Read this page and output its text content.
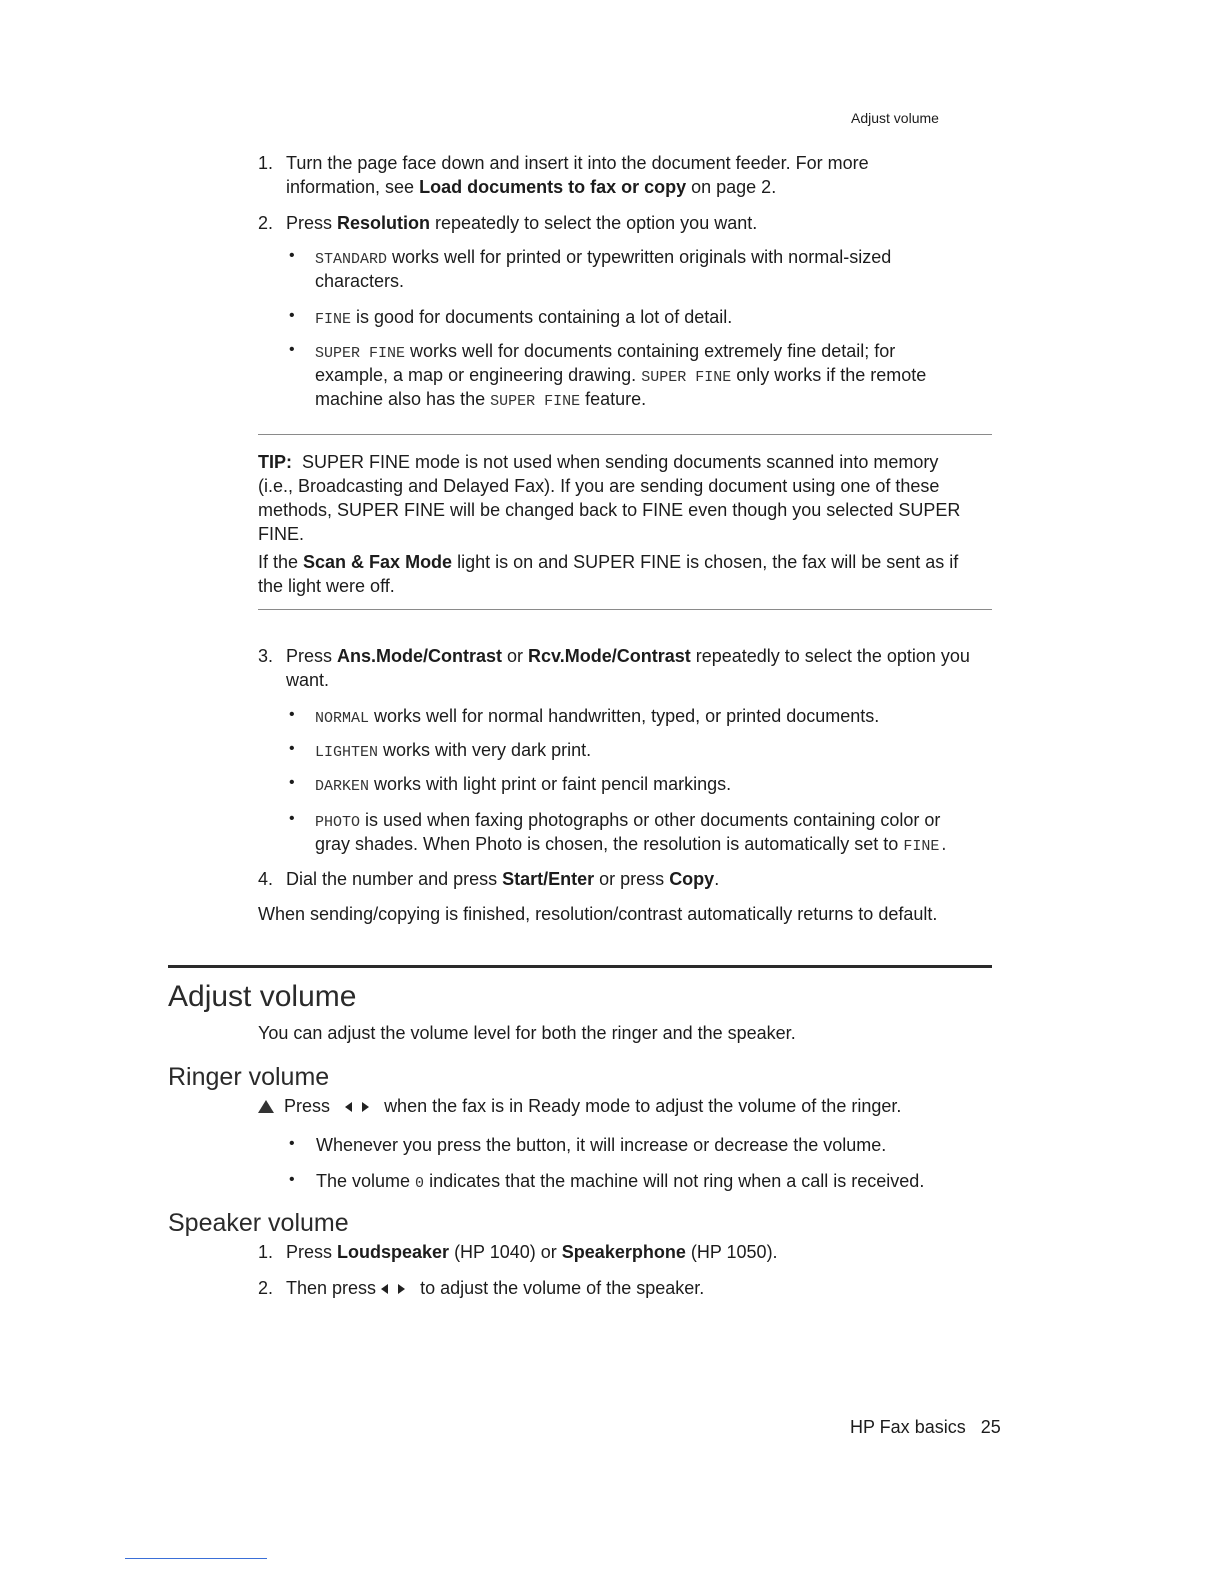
Adjust volume
1. Turn the page face down and insert it into the document feeder. For more
information, see Load documents to fax or copy on page 2.
2. Press Resolution repeatedly to select the option you want.
• STANDARD works well for printed or typewritten originals with normal-sized
characters.
• FINE is good for documents containing a lot of detail.
• SUPER FINE works well for documents containing extremely fine detail; for
example, a map or engineering drawing. SUPER FINE only works if the remote
machine also has the SUPER FINE feature.
TIP: SUPER FINE mode is not used when sending documents scanned into memory
(i.e., Broadcasting and Delayed Fax). If you are sending document using one of these
methods, SUPER FINE will be changed back to FINE even though you selected SUPER
FINE.
If the Scan & Fax Mode light is on and SUPER FINE is chosen, the fax will be sent as if
the light were off.
3. Press Ans.Mode/Contrast or Rcv.Mode/Contrast repeatedly to select the option you
want.
• NORMAL works well for normal handwritten, typed, or printed documents.
• LIGHTEN works with very dark print.
• DARKEN works with light print or faint pencil markings.
• PHOTO is used when faxing photographs or other documents containing color or
gray shades. When Photo is chosen, the resolution is automatically set to FINE.
4. Dial the number and press Start/Enter or press Copy.
When sending/copying is finished, resolution/contrast automatically returns to default.
Adjust volume
You can adjust the volume level for both the ringer and the speaker.
Ringer volume
Press	when the fax is in Ready mode to adjust the volume of the ringer.
• Whenever you press the button, it will increase or decrease the volume.
• The volume 0 indicates that the machine will not ring when a call is received.
Speaker volume
1. Press Loudspeaker (HP 1040) or Speakerphone (HP 1050).
2. Then press to adjust the volume of the speaker.
HP Fax basics 25
